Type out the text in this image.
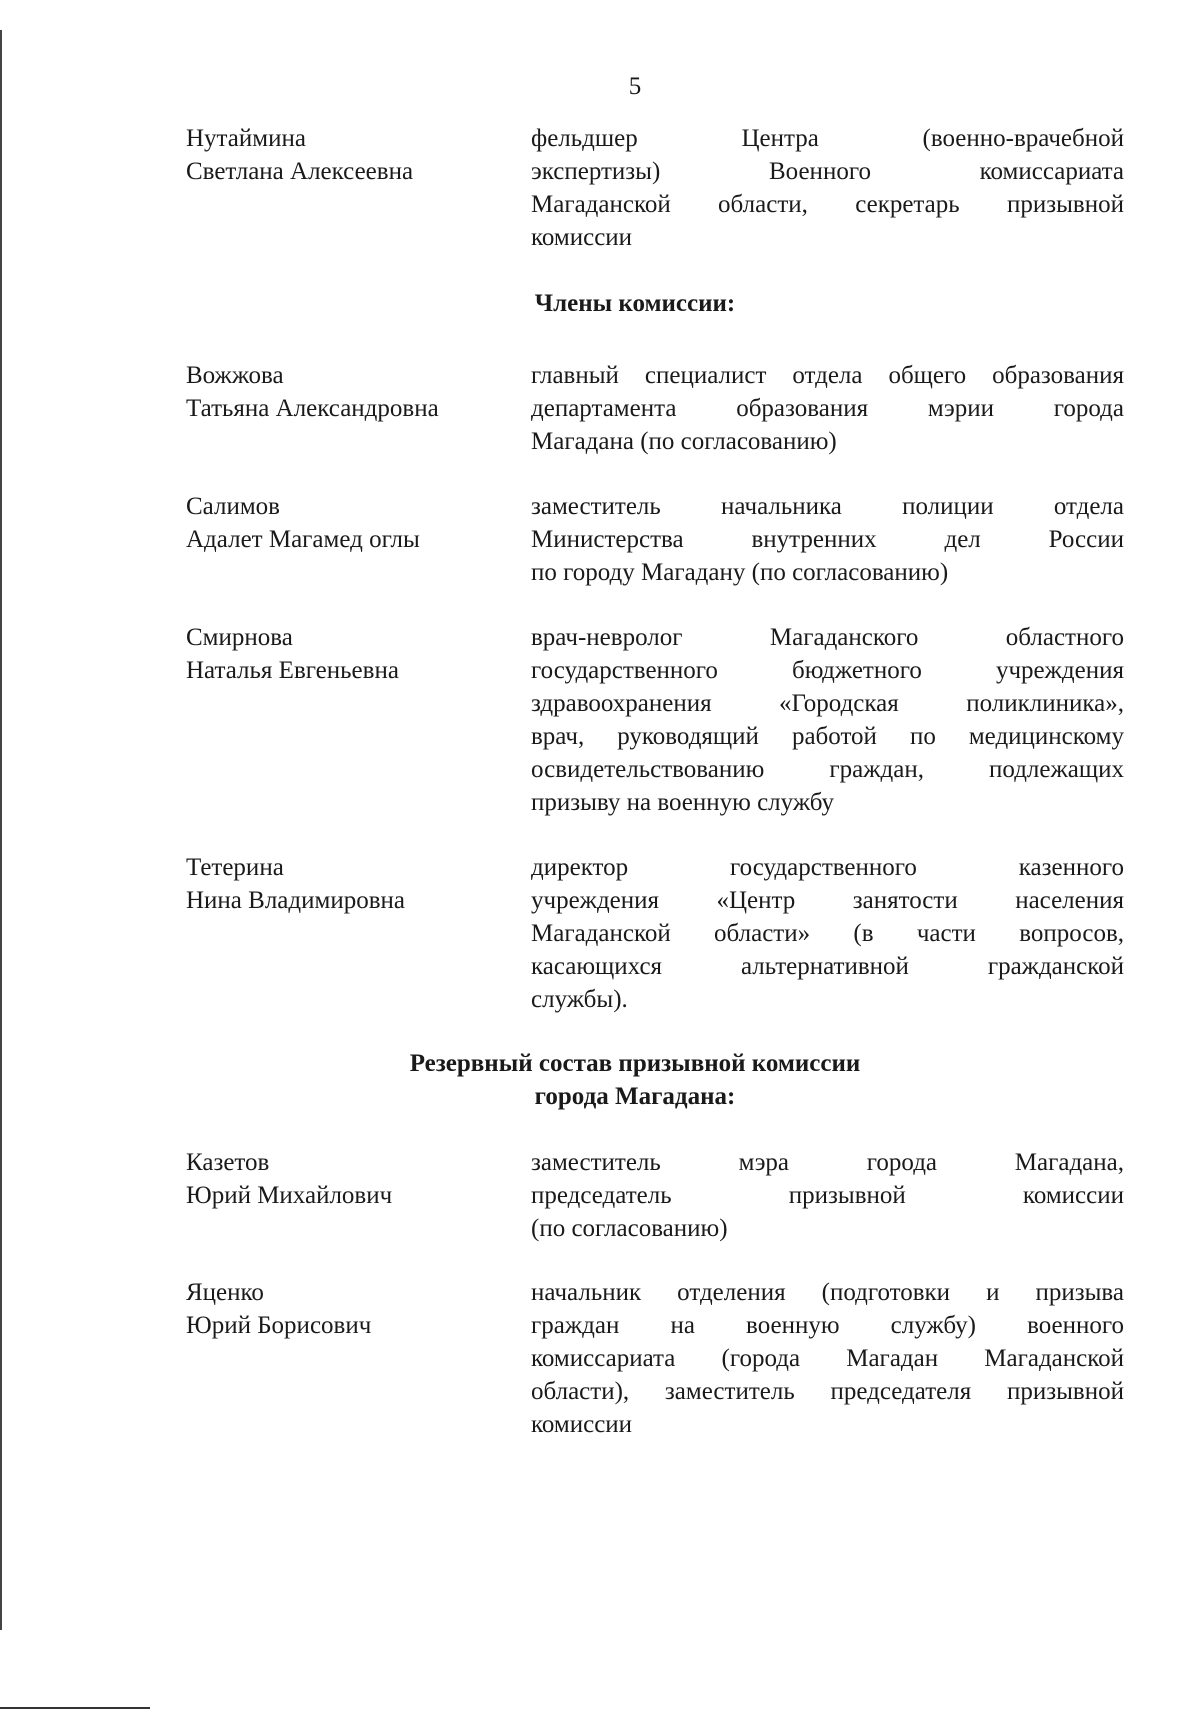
5
Нутаймина
Светлана Алексеевна
фельдшер Центра (военно-врачебной
экспертизы) Военного комиссариата
Магаданской области, секретарь призывной
комиссии
Члены комиссии:
Вожжова
Татьяна Александровна
главный специалист отдела общего образования
департамента образования мэрии города
Магадана (по согласованию)
Салимов
Адалет Магамед оглы
заместитель начальника полиции отдела
Министерства внутренних дел России
по городу Магадану (по согласованию)
Смирнова
Наталья Евгеньевна
врач-невролог Магаданского областного
государственного бюджетного учреждения
здравоохранения «Городская поликлиника»,
врач, руководящий работой по медицинскому
освидетельствованию граждан, подлежащих
призыву на военную службу
Тетерина
Нина Владимировна
директор государственного казенного
учреждения «Центр занятости населения
Магаданской области» (в части вопросов,
касающихся альтернативной гражданской
службы).
Резервный состав призывной комиссии
города Магадана:
Казетов
Юрий Михайлович
заместитель мэра города Магадана,
председатель призывной комиссии
(по согласованию)
Яценко
Юрий Борисович
начальник отделения (подготовки и призыва
граждан на военную службу) военного
комиссариата (города Магадан Магаданской
области), заместитель председателя призывной
комиссии
